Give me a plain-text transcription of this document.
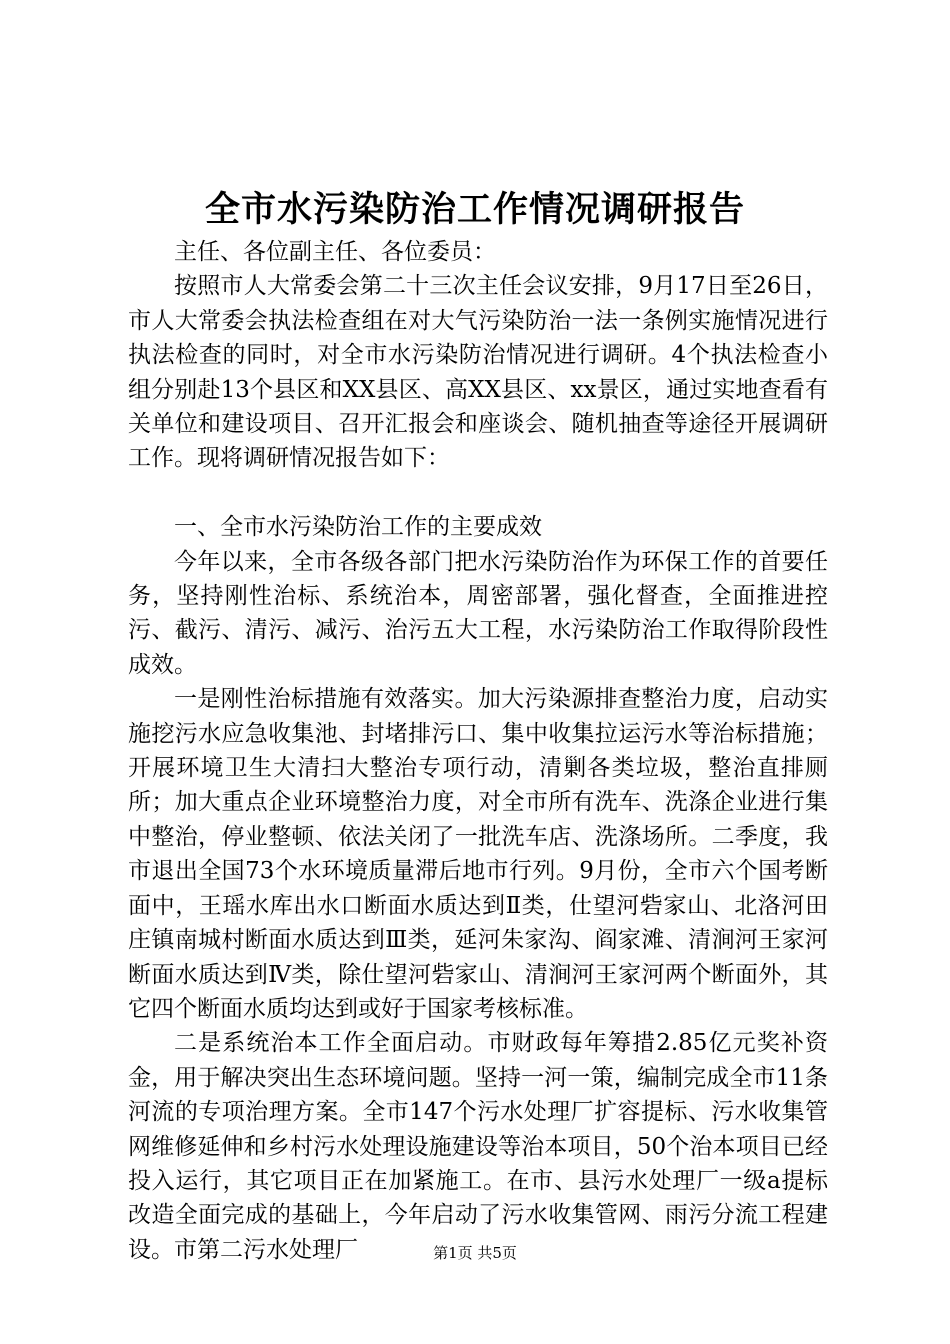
全市水污染防治工作情况调研报告

主任、各位副主任、各位委员：

按照市人大常委会第二十三次主任会议安排，9月17日至26日，市人大常委会执法检查组在对大气污染防治一法一条例实施情况进行执法检查的同时，对全市水污染防治情况进行调研。4个执法检查小组分别赴13个县区和XX县区、高XX县区、xx景区，通过实地查看有关单位和建设项目、召开汇报会和座谈会、随机抽查等途径开展调研工作。现将调研情况报告如下：

一、全市水污染防治工作的主要成效

今年以来，全市各级各部门把水污染防治作为环保工作的首要任务，坚持刚性治标、系统治本，周密部署，强化督查，全面推进控污、截污、清污、减污、治污五大工程，水污染防治工作取得阶段性成效。

一是刚性治标措施有效落实。加大污染源排查整治力度，启动实施挖污水应急收集池、封堵排污口、集中收集拉运污水等治标措施；开展环境卫生大清扫大整治专项行动，清剿各类垃圾，整治直排厕所；加大重点企业环境整治力度，对全市所有洗车、洗涤企业进行集中整治，停业整顿、依法关闭了一批洗车店、洗涤场所。二季度，我市退出全国73个水环境质量滞后地市行列。9月份，全市六个国考断面中，王瑶水库出水口断面水质达到Ⅱ类，仕望河砦家山、北洛河田庄镇南城村断面水质达到Ⅲ类，延河朱家沟、阎家滩、清涧河王家河断面水质达到Ⅳ类，除仕望河砦家山、清涧河王家河两个断面外，其它四个断面水质均达到或好于国家考核标准。

二是系统治本工作全面启动。市财政每年筹措2.85亿元奖补资金，用于解决突出生态环境问题。坚持一河一策，编制完成全市11条河流的专项治理方案。全市147个污水处理厂扩容提标、污水收集管网维修延伸和乡村污水处理设施建设等治本项目，50个治本项目已经投入运行，其它项目正在加紧施工。在市、县污水处理厂一级a提标改造全面完成的基础上，今年启动了污水收集管网、雨污分流工程建设。市第二污水处理厂	第1页 共5页
